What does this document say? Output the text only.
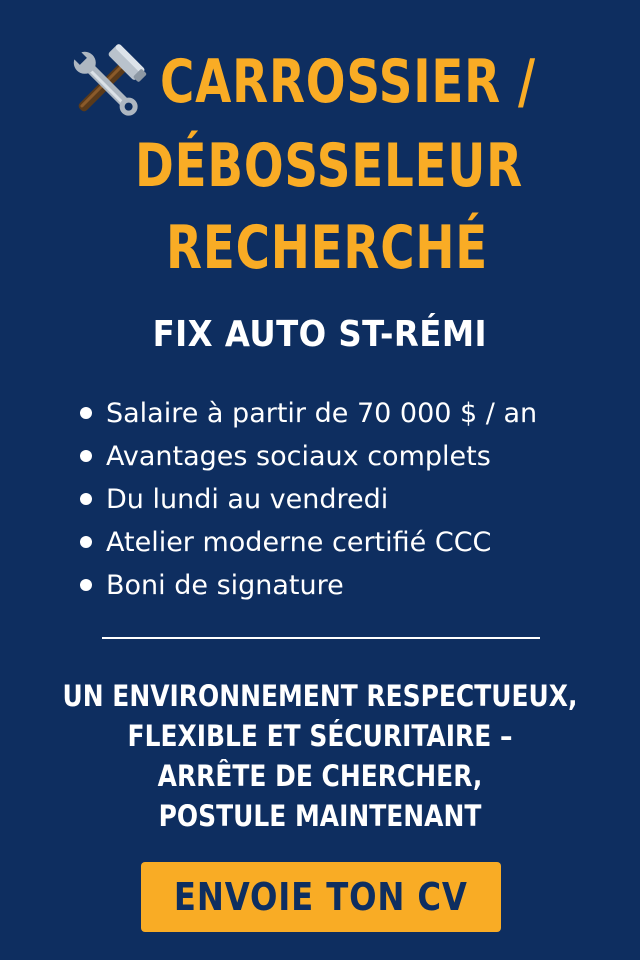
CARROSSIER /
DÉBOSSELEUR
RECHERCHÉ
FIX AUTO ST-RÉMI
Salaire à partir de 70 000 $ / an
Avantages sociaux complets
Du lundi au vendredi
Atelier moderne certifié CCC
Boni de signature
UN ENVIRONNEMENT RESPECTUEUX,
FLEXIBLE ET SÉCURITAIRE –
ARRÊTE DE CHERCHER,
POSTULE MAINTENANT
ENVOIE TON CV
